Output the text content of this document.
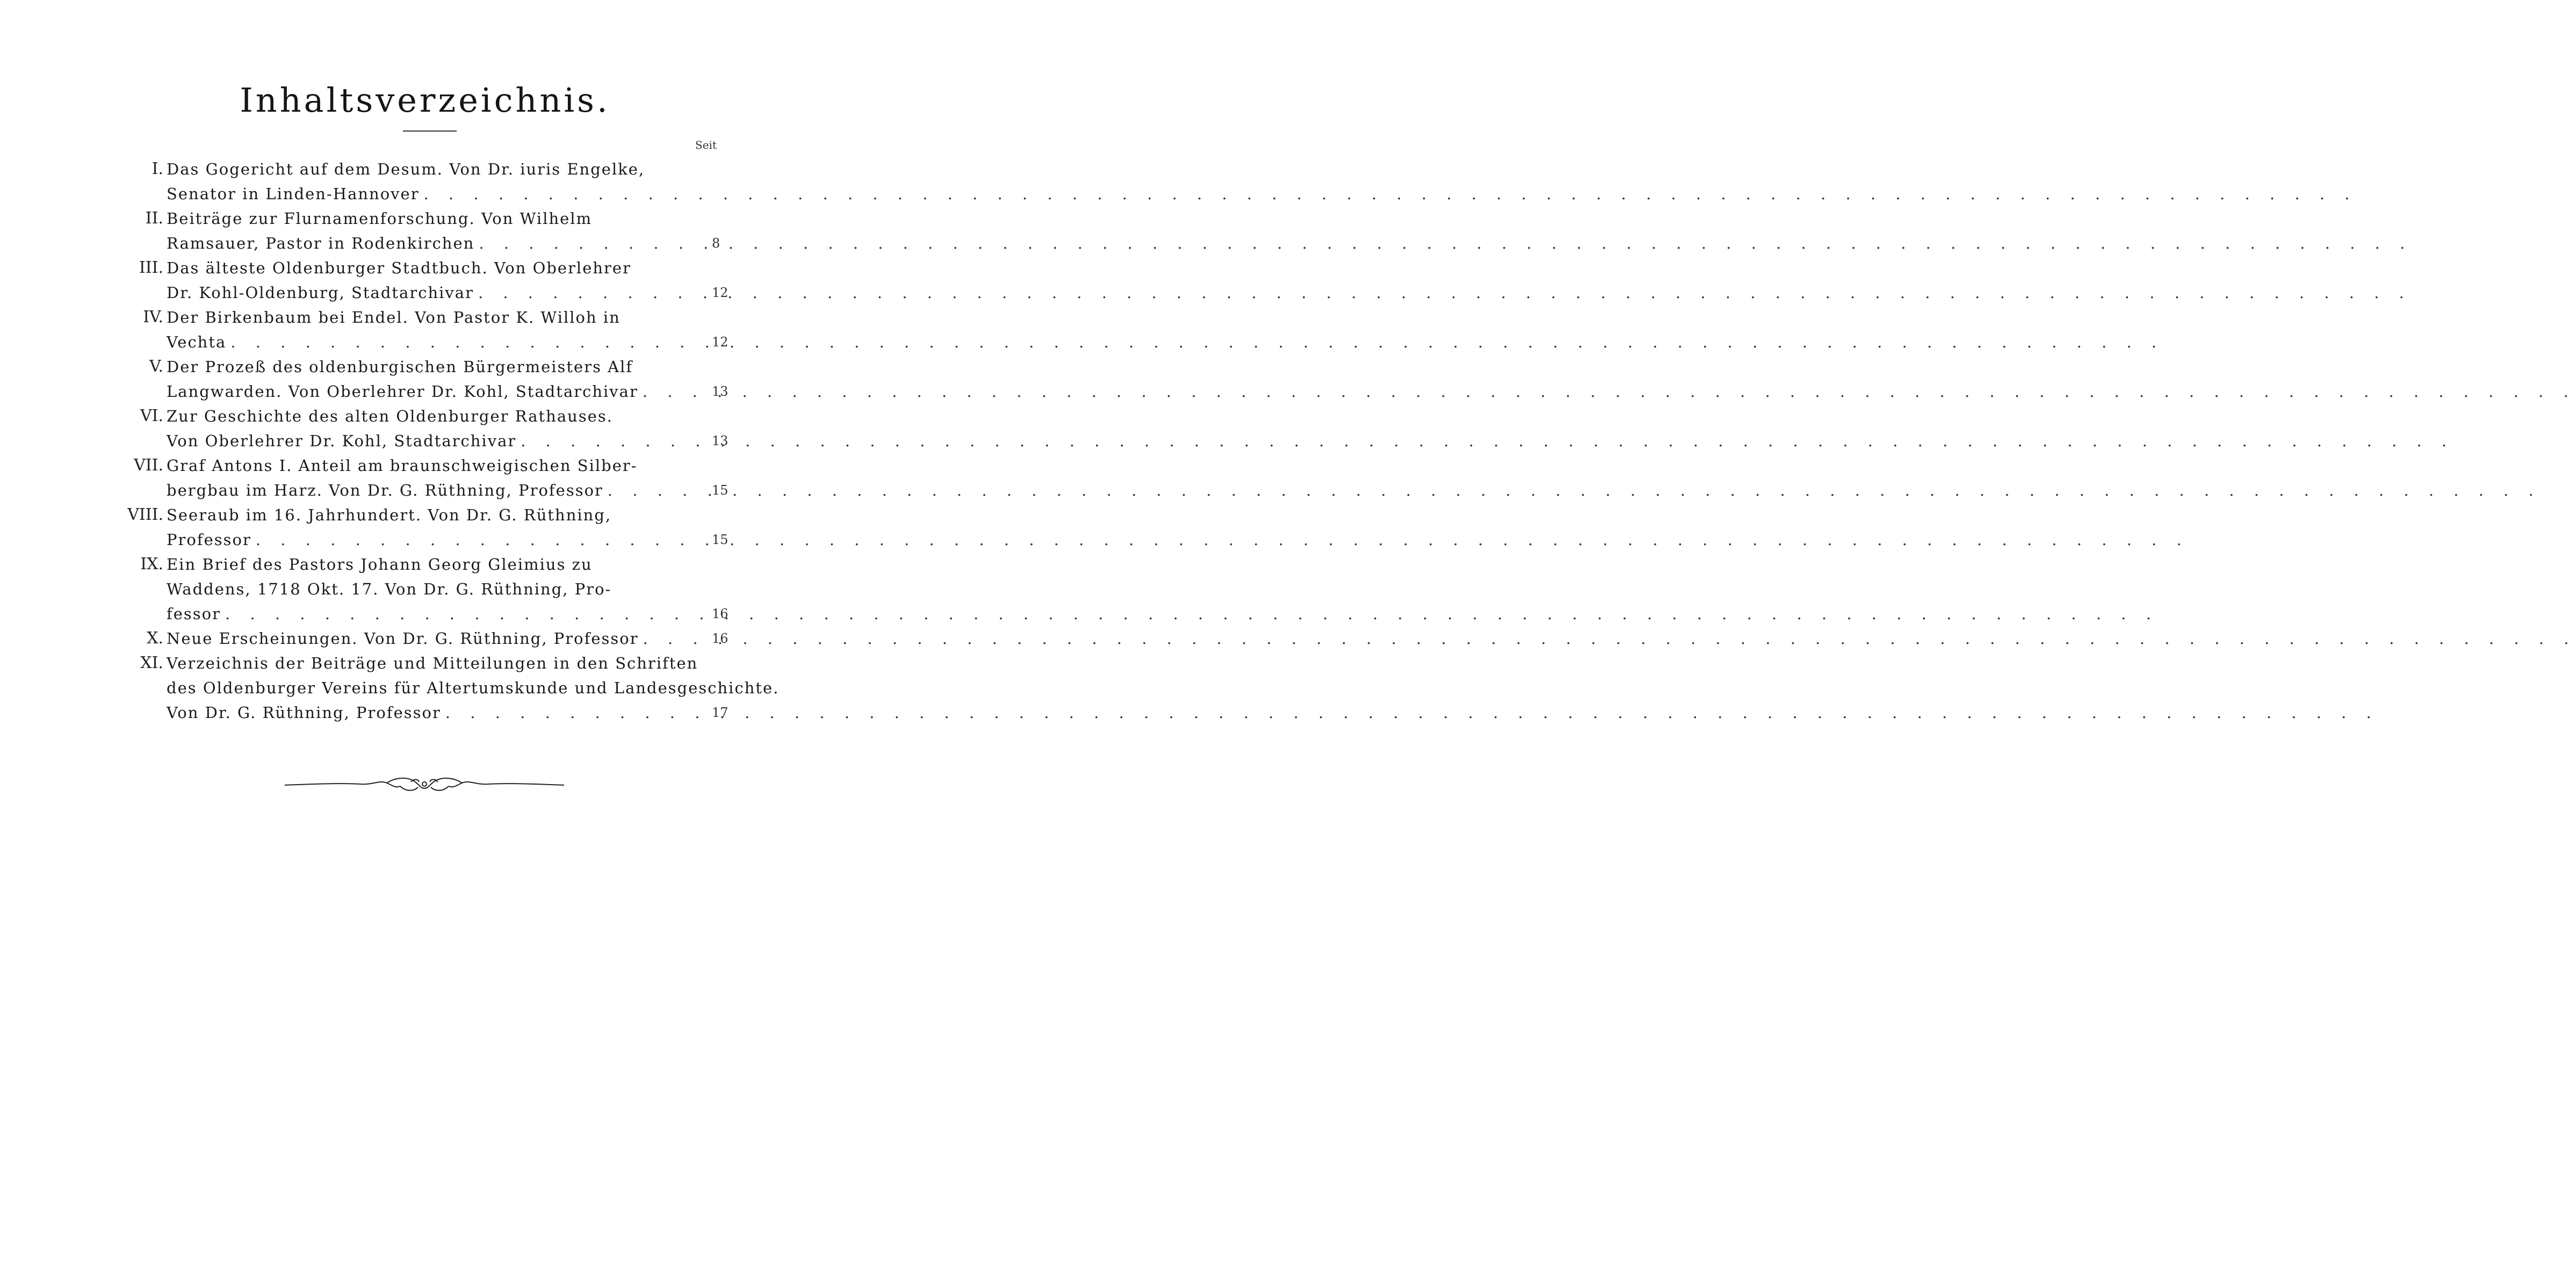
Inhaltsverzeichnis.
Seit
I. Das Gogericht auf dem Desum. Von Dr. iuris Engelke,
Senator in Linden-Hannover
. . .
II. Beiträge zur Flurnamenforschung. Von Wilhelm
Ramsauer, Pastor in Rodenkirchen . . .	8
III. Das älteste Oldenburger Stadtbuch. Von Oberlehrer
Dr. Kohl-Oldenburg, Stadtarchivar . . .	12
IV. Der Birkenbaum bei Endel. Von Pastor K. Willoh in
Vechta . . .	12
V. Der Prozeß des oldenburgischen Bürgermeisters Alf
Langwarden. Von Oberlehrer Dr. Kohl, Stadtarchivar . . .	13
VI. Zur Geschichte des alten Oldenburger Rathauses.
Von Oberlehrer Dr. Kohl, Stadtarchivar . . .	13
VII. Graf Antons I. Anteil am braunschweigischen Silber-
bergbau im Harz. Von Dr. G. Rüthning, Professor . . .	15
VIII. Seeraub im 16. Jahrhundert. Von Dr. G. Rüthning,
Professor . . .	15
IX. Ein Brief des Pastors Johann Georg Gleimius zu
Waddens, 1718 Okt. 17. Von Dr. G. Rüthning, Pro-
fessor . . .	16
X. Neue Erscheinungen. Von Dr. G. Rüthning, Professor . . .	16
XI. Verzeichnis der Beiträge und Mitteilungen in den Schriften
des Oldenburger Vereins für Altertumskunde und Landesgeschichte.
Von Dr. G. Rüthning, Professor . . .	17
